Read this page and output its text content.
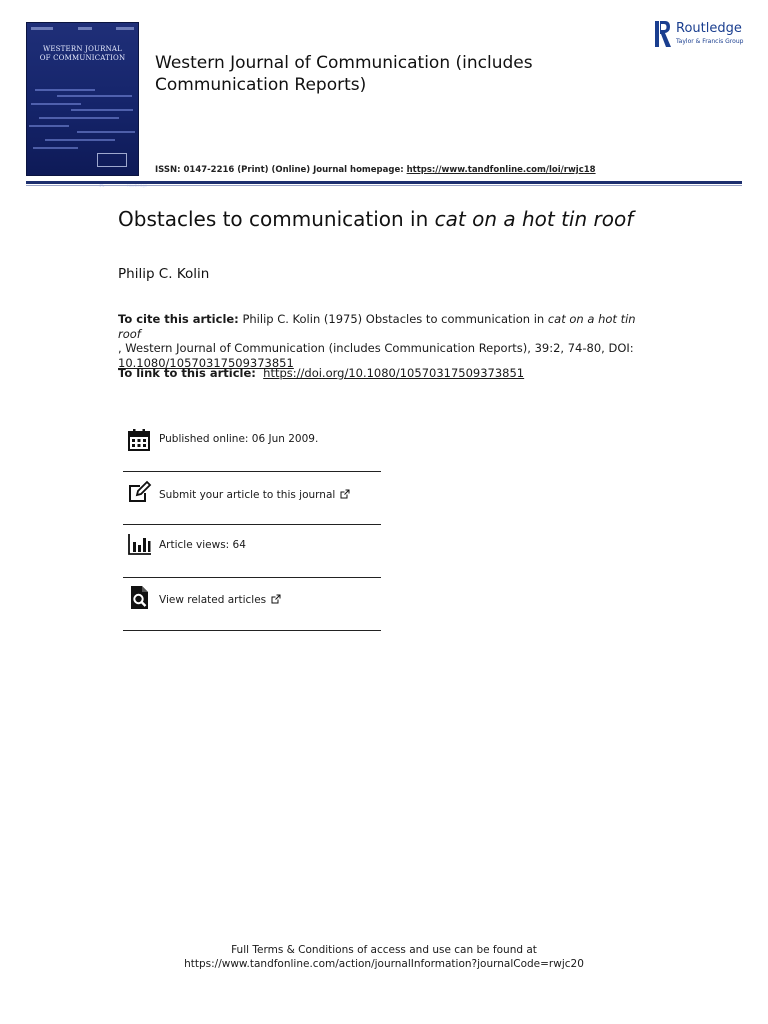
WESTERN JOURNAL
OF COMMUNICATION	Western Journal of Communication (includes Communication Reports)
ISSN: 0147-2216 (Print) (Online) Journal homepage: https://www.tandfonline.com/loi/rwjc18
Routledge
Taylor & Francis Group
Obstacles to communication in cat on a hot tin roof
Philip C. Kolin
To cite this article: Philip C. Kolin (1975) Obstacles to communication in cat on a hot tin roof
, Western Journal of Communication (includes Communication Reports), 39:2, 74-80, DOI:
10.1080/10570317509373851
To link to this article: https://doi.org/10.1080/10570317509373851
Published online: 06 Jun 2009.
Submit your article to this journal
Article views: 64
View related articles
Full Terms & Conditions of access and use can be found at
https://www.tandfonline.com/action/journalInformation?journalCode=rwjc20
